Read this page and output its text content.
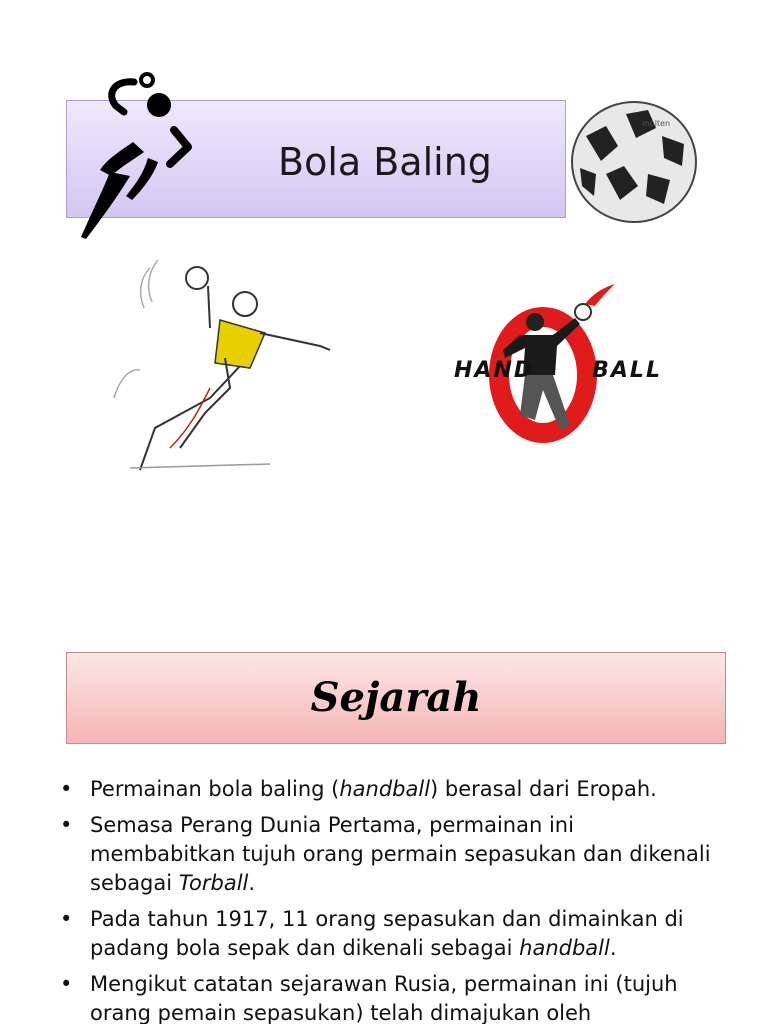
Bola Baling
molten
HAND	BALL
Sejarah
• Permainan bola baling (handball) berasal dari Eropah.
• Semasa Perang Dunia Pertama, permainan ini membabitkan tujuh orang permain sepasukan dan dikenali sebagai Torball.
• Pada tahun 1917, 11 orang sepasukan dan dimainkan di padang bola sepak dan dikenali sebagai handball.
• Mengikut catatan sejarawan Rusia, permainan ini (tujuh orang pemain sepasukan) telah dimajukan oleh
